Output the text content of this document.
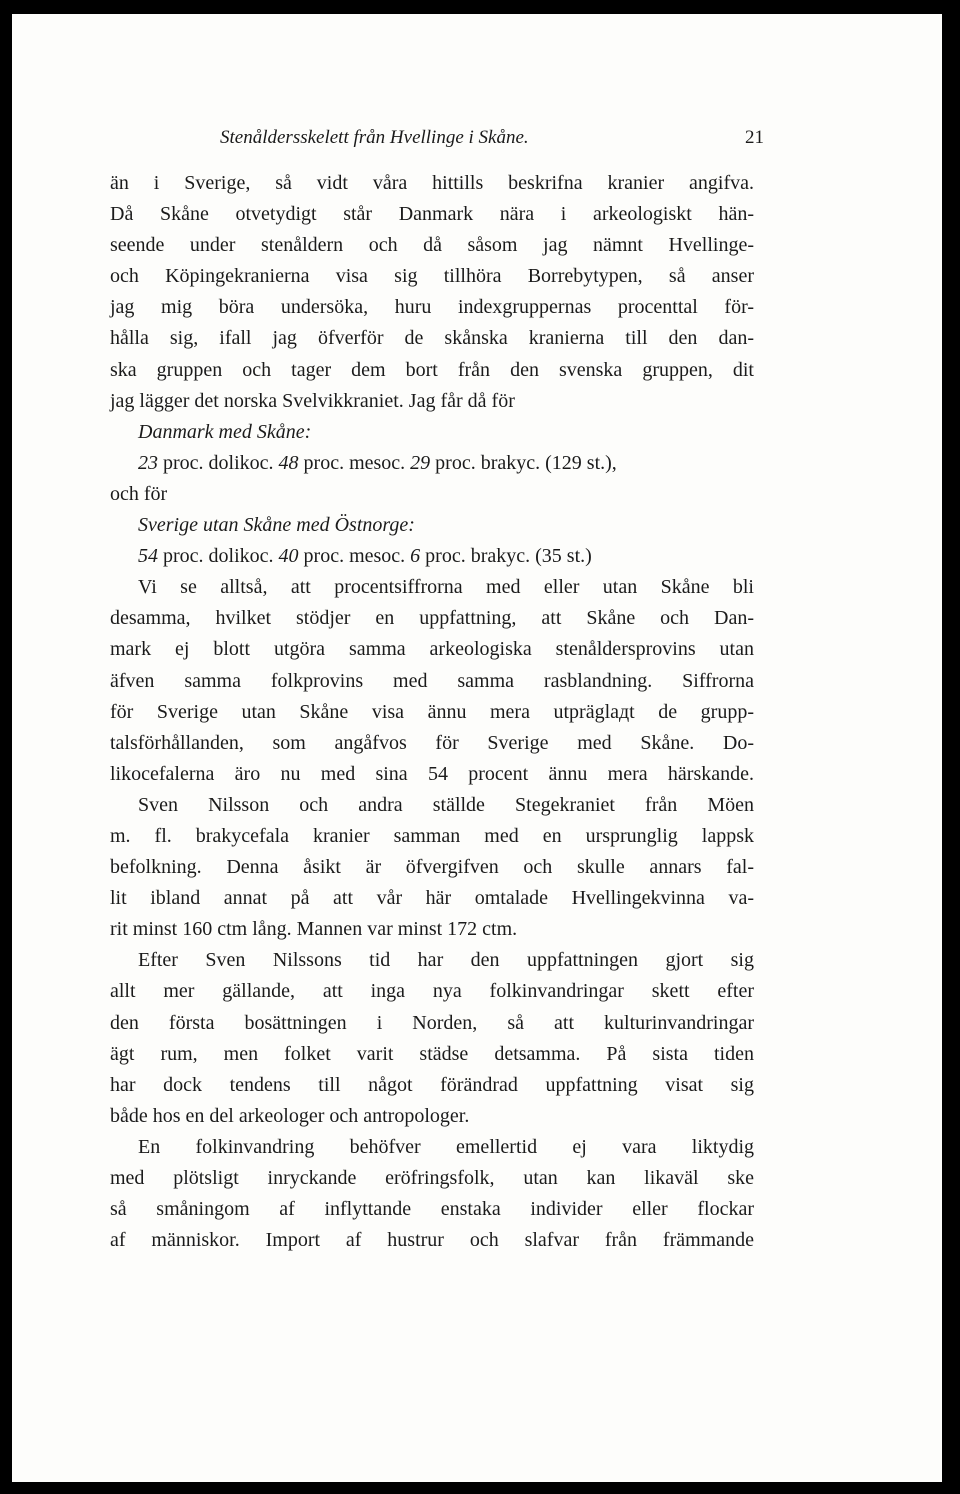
Stenåldersskelett från Hvellinge i Skåne.	21
än i Sverige, så vidt våra hittills beskrifna kranier angifva.
Då Skåne otvetydigt står Danmark nära i arkeologiskt hän-
seende under stenåldern och då såsom jag nämnt Hvellinge-
och Köpingekranierna visa sig tillhöra Borrebytypen, så anser
jag mig böra undersöka, huru indexgruppernas procenttal för-
hålla sig, ifall jag öfverför de skånska kranierna till den dan-
ska gruppen och tager dem bort från den svenska gruppen, dit
jag lägger det norska Svelvikkraniet. Jag får då för
Danmark med Skåne:
23 proc. dolikoc. 48 proc. mesoc. 29 proc. brakyc. (129 st.),
och för
Sverige utan Skåne med Östnorge:
54 proc. dolikoc. 40 proc. mesoc. 6 proc. brakyc. (35 st.)
Vi se alltså, att procentsiffrorna med eller utan Skåne bli
desamma, hvilket stödjer en uppfattning, att Skåne och Dan-
mark ej blott utgöra samma arkeologiska stenåldersprovins utan
äfven samma folkprovins med samma rasblandning. Siffrorna
för Sverige utan Skåne visa ännu mera utpräglадt de grupp-
talsförhållanden, som angåfvos för Sverige med Skåne. Do-
likocefalerna äro nu med sina 54 procent ännu mera härskande.
Sven Nilsson och andra ställde Stegekraniet från Möen
m. fl. brakycefala kranier samman med en ursprunglig lappsk
befolkning. Denna åsikt är öfvergifven och skulle annars fal-
lit ibland annat på att vår här omtalade Hvellingekvinna va-
rit minst 160 ctm lång. Mannen var minst 172 ctm.
Efter Sven Nilssons tid har den uppfattningen gjort sig
allt mer gällande, att inga nya folkinvandringar skett efter
den första bosättningen i Norden, så att kulturinvandringar
ägt rum, men folket varit städse detsamma. På sista tiden
har dock tendens till något förändrad uppfattning visat sig
både hos en del arkeologer och antropologer.
En folkinvandring behöfver emellertid ej vara liktydig
med plötsligt inryckande eröfringsfolk, utan kan likaväl ske
så småningom af inflyttande enstaka individer eller flockar
af människor. Import af hustrur och slafvar från främmande
